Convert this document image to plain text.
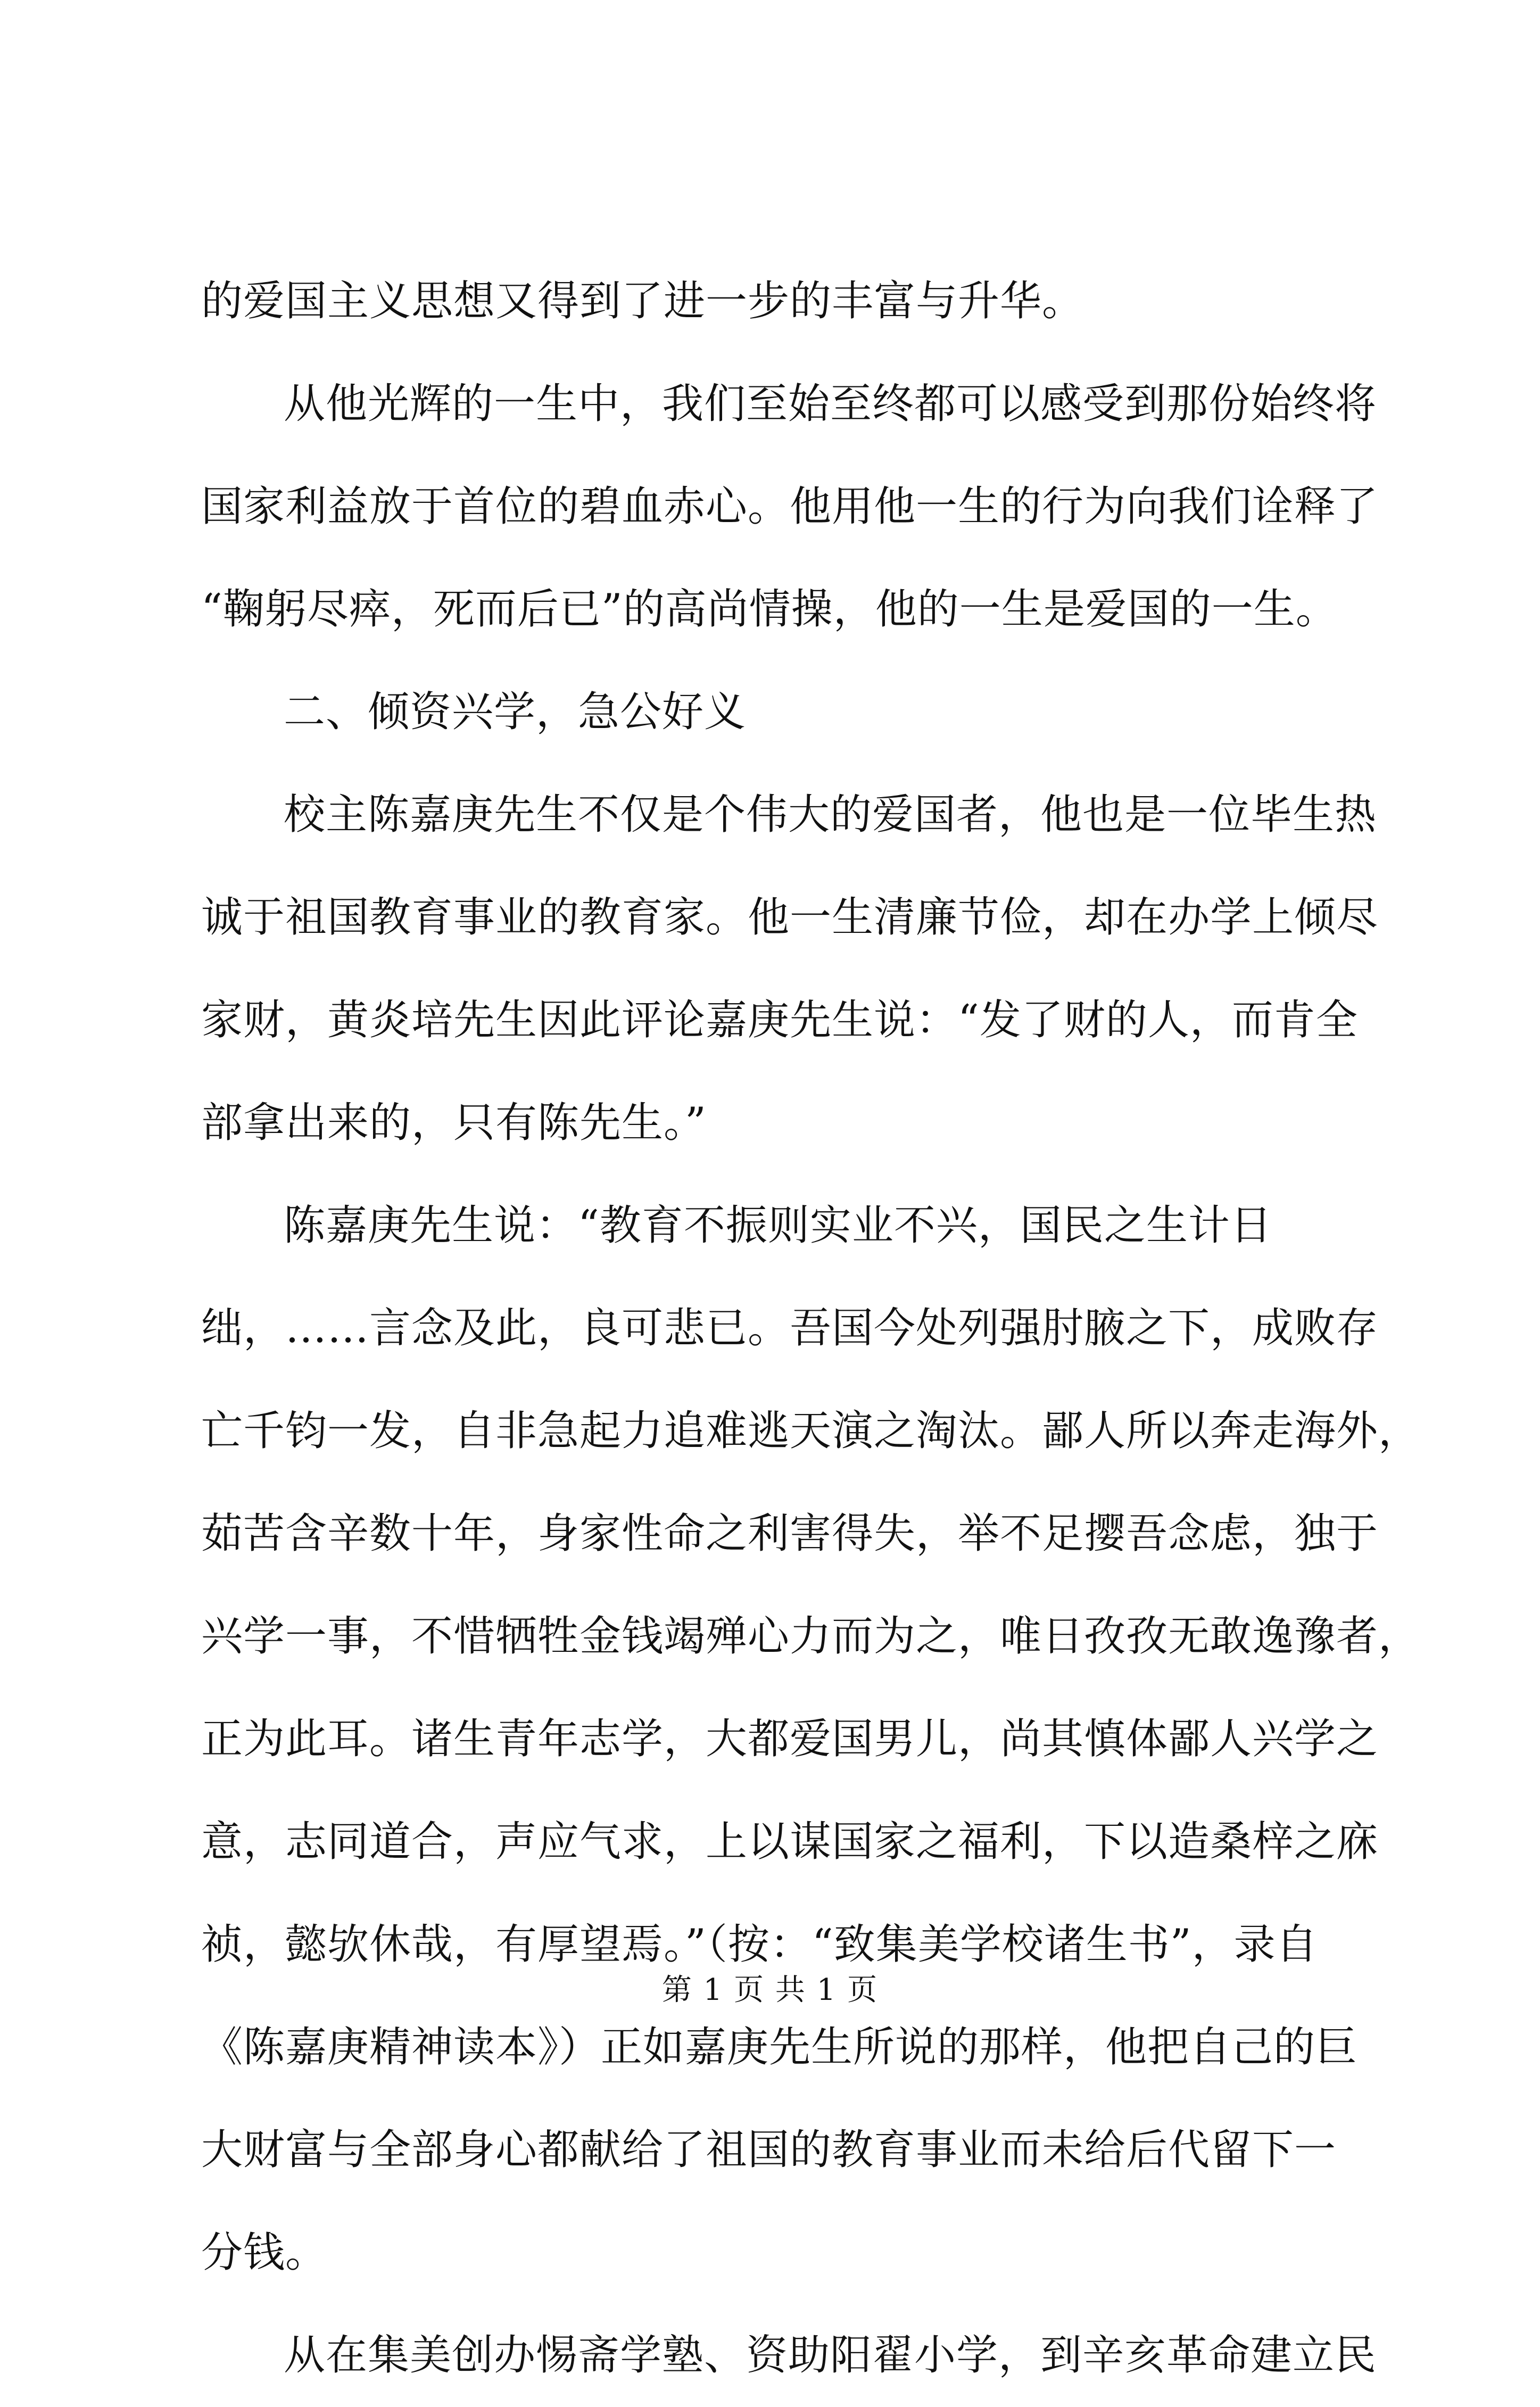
的爱国主义思想又得到了进一步的丰富与升华。
从他光辉的一生中，我们至始至终都可以感受到那份始终将
国家利益放于首位的碧血赤心。他用他一生的行为向我们诠释了
“鞠躬尽瘁，死而后已”的高尚情操，他的一生是爱国的一生。
二、倾资兴学，急公好义
校主陈嘉庚先生不仅是个伟大的爱国者，他也是一位毕生热
诚于祖国教育事业的教育家。他一生清廉节俭，却在办学上倾尽
家财，黄炎培先生因此评论嘉庚先生说：“发了财的人，而肯全
部拿出来的，只有陈先生。”
陈嘉庚先生说：“教育不振则实业不兴，国民之生计日
绌，……言念及此，良可悲已。吾国今处列强肘腋之下，成败存
亡千钧一发，自非急起力追难逃天演之淘汰。鄙人所以奔走海外，
茹苦含辛数十年，身家性命之利害得失，举不足撄吾念虑，独于
兴学一事，不惜牺牲金钱竭殚心力而为之，唯日孜孜无敢逸豫者，
正为此耳。诸生青年志学，大都爱国男儿，尚其慎体鄙人兴学之
意，志同道合，声应气求，上以谋国家之福利，下以造桑梓之庥
祯，懿欤休哉，有厚望焉。”（按：“致集美学校诸生书”，录自
《陈嘉庚精神读本》）正如嘉庚先生所说的那样，他把自己的巨
大财富与全部身心都献给了祖国的教育事业而未给后代留下一
分钱。
从在集美创办惕斋学塾、资助阳翟小学，到辛亥革命建立民
第 1 页 共 1 页
